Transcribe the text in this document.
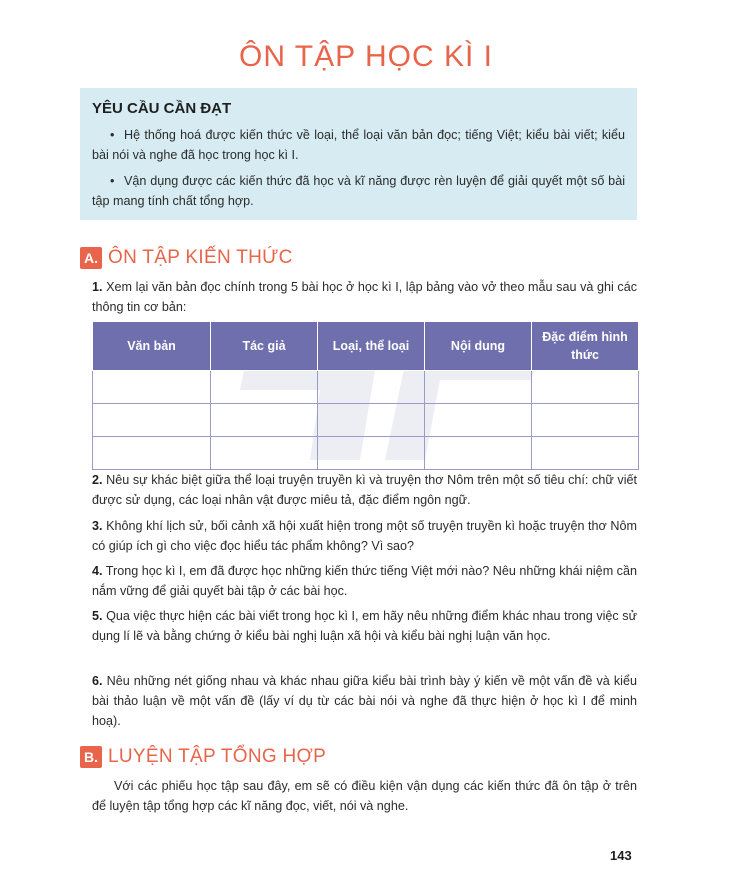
ÔN TẬP HỌC KÌ I
YÊU CẦU CẦN ĐẠT
• Hệ thống hoá được kiến thức về loại, thể loại văn bản đọc; tiếng Việt; kiểu bài viết; kiểu bài nói và nghe đã học trong học kì I.
• Vận dụng được các kiến thức đã học và kĩ năng được rèn luyện để giải quyết một số bài tập mang tính chất tổng hợp.
A. ÔN TẬP KIẾN THỨC

1. Xem lại văn bản đọc chính trong 5 bài học ở học kì I, lập bảng vào vở theo mẫu sau và ghi các thông tin cơ bản:

Văn bản	Tác giả	Loại, thể loại	Nội dung	Đặc điểm hình thức

2. Nêu sự khác biệt giữa thể loại truyện truyền kì và truyện thơ Nôm trên một số tiêu chí: chữ viết được sử dụng, các loại nhân vật được miêu tả, đặc điểm ngôn ngữ.

3. Không khí lịch sử, bối cảnh xã hội xuất hiện trong một số truyện truyền kì hoặc truyện thơ Nôm có giúp ích gì cho việc đọc hiểu tác phẩm không? Vì sao?

4. Trong học kì I, em đã được học những kiến thức tiếng Việt mới nào? Nêu những khái niệm cần nắm vững để giải quyết bài tập ở các bài học.

5. Qua việc thực hiện các bài viết trong học kì I, em hãy nêu những điểm khác nhau trong việc sử dụng lí lẽ và bằng chứng ở kiểu bài nghị luận xã hội và kiểu bài nghị luận văn học.

6. Nêu những nét giống nhau và khác nhau giữa kiểu bài trình bày ý kiến về một vấn đề và kiểu bài thảo luận về một vấn đề (lấy ví dụ từ các bài nói và nghe đã thực hiện ở học kì I để minh hoạ).

B. LUYỆN TẬP TỔNG HỢP

Với các phiếu học tập sau đây, em sẽ có điều kiện vận dụng các kiến thức đã ôn tập ở trên để luyện tập tổng hợp các kĩ năng đọc, viết, nói và nghe.

143
